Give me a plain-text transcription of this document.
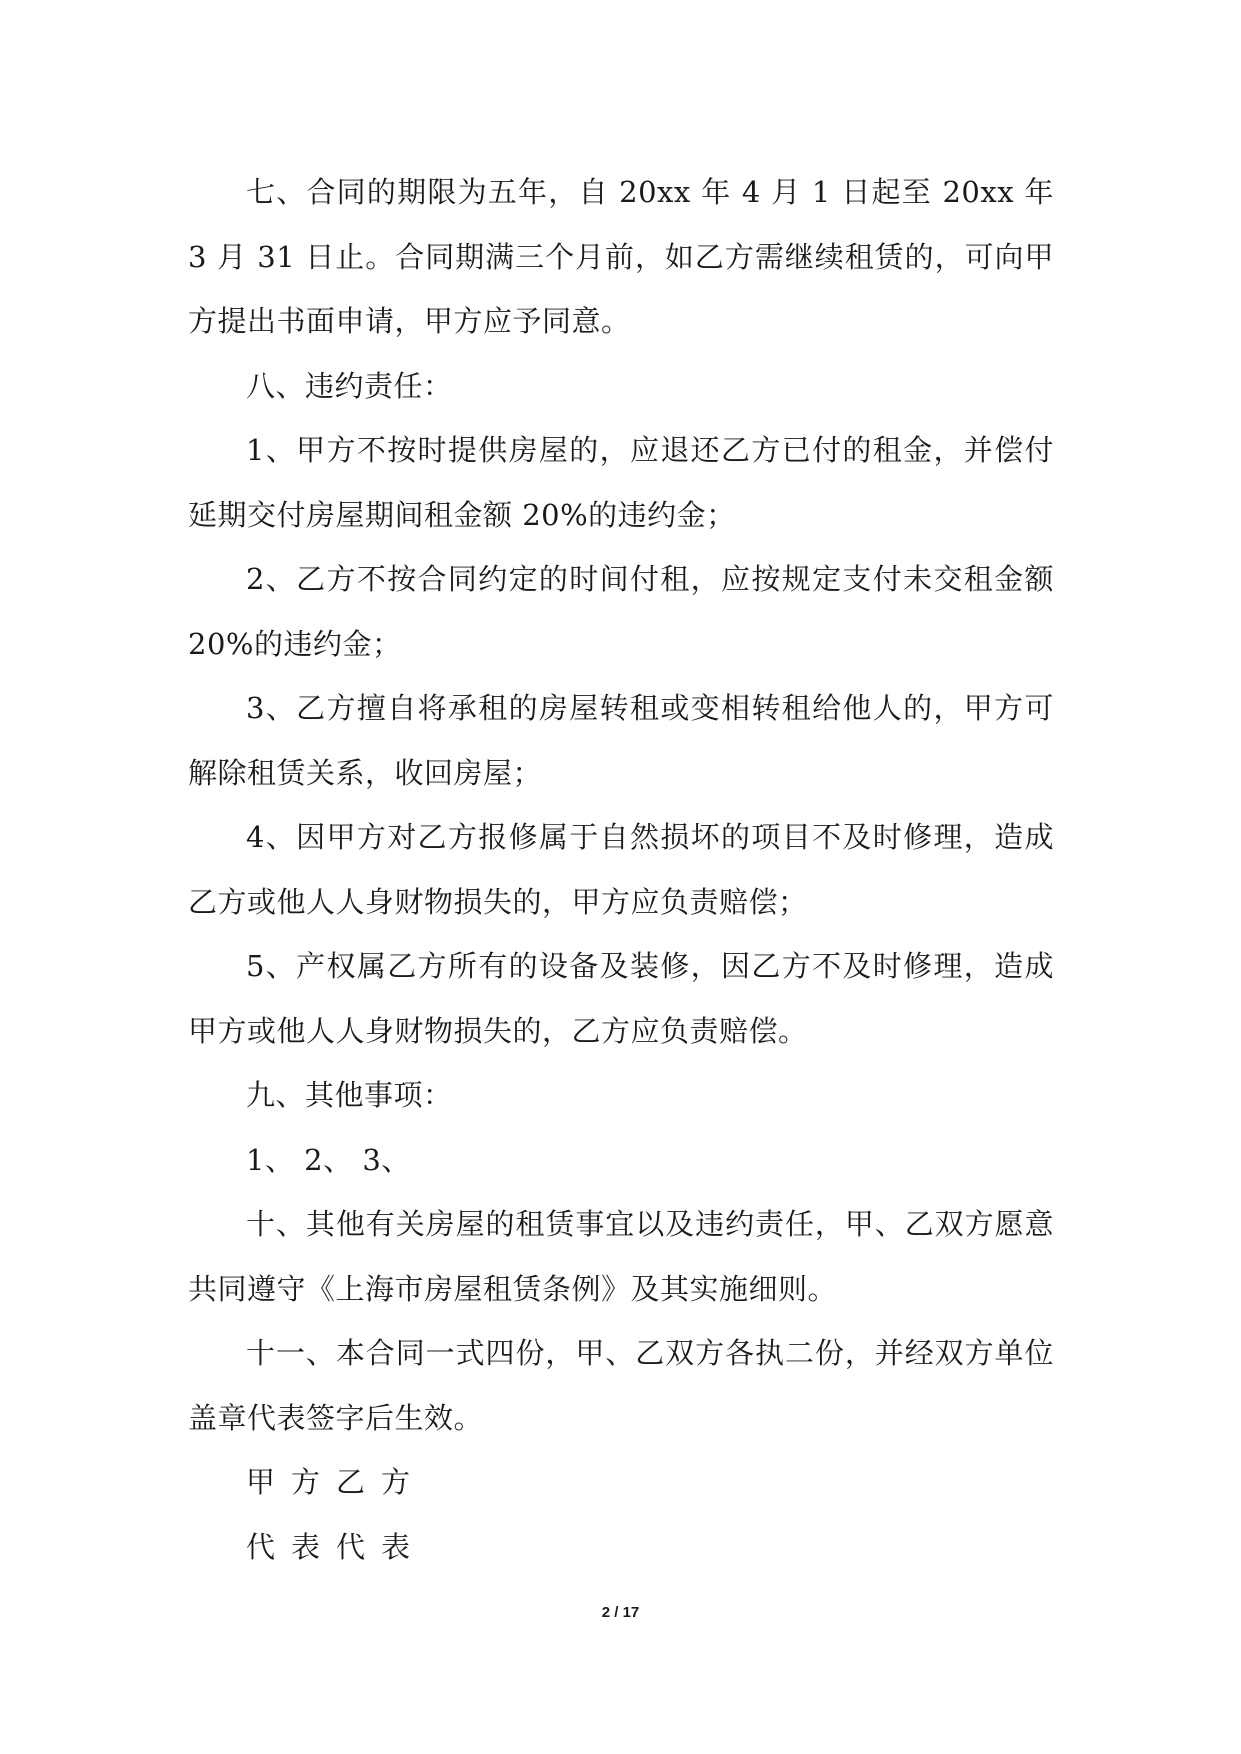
七、合同的期限为五年，自 20xx 年 4 月 1 日起至 20xx 年 3 月 31 日止。合同期满三个月前，如乙方需继续租赁的，可向甲方提出书面申请，甲方应予同意。

八、违约责任：

1、甲方不按时提供房屋的，应退还乙方已付的租金，并偿付延期交付房屋期间租金额 20%的违约金；

2、乙方不按合同约定的时间付租，应按规定支付未交租金额 20%的违约金；

3、乙方擅自将承租的房屋转租或变相转租给他人的，甲方可解除租赁关系，收回房屋；

4、因甲方对乙方报修属于自然损坏的项目不及时修理，造成乙方或他人人身财物损失的，甲方应负责赔偿；

5、产权属乙方所有的设备及装修，因乙方不及时修理，造成甲方或他人人身财物损失的，乙方应负责赔偿。

九、其他事项：

1、 2、 3、

十、其他有关房屋的租赁事宜以及违约责任，甲、乙双方愿意共同遵守《上海市房屋租赁条例》及其实施细则。

十一、本合同一式四份，甲、乙双方各执二份，并经双方单位盖章代表签字后生效。

甲方乙方

代表代表

2 / 17
